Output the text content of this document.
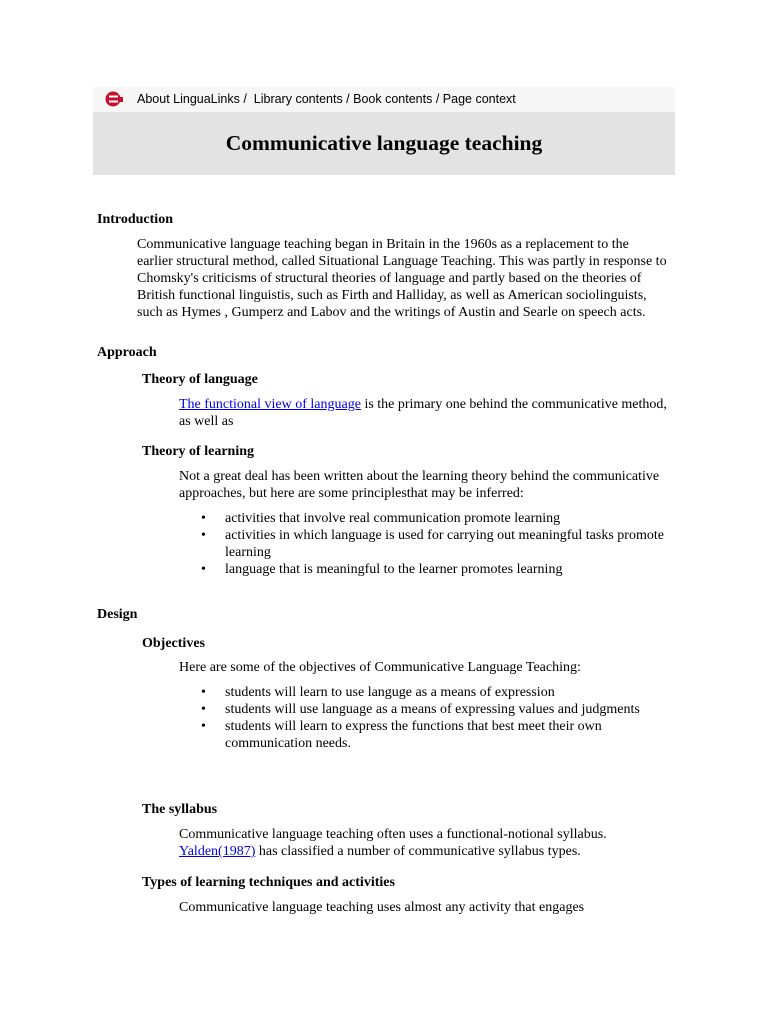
About LinguaLinks / Library contents / Book contents / Page context
Communicative language teaching
Introduction

Communicative language teaching began in Britain in the 1960s as a replacement to the earlier structural method, called Situational Language Teaching. This was partly in response to Chomsky's criticisms of structural theories of language and partly based on the theories of British functional linguistis, such as Firth and Halliday, as well as American sociolinguists, such as Hymes , Gumperz and Labov and the writings of Austin and Searle on speech acts.

Approach
Theory of language

The functional view of language is the primary one behind the communicative method, as well as

Theory of learning

Not a great deal has been written about the learning theory behind the communicative approaches, but here are some principlesthat may be inferred:

• activities that involve real communication promote learning
• activities in which language is used for carrying out meaningful tasks promote learning
• language that is meaningful to the learner promotes learning
Design
Objectives

Here are some of the objectives of Communicative Language Teaching:

• students will learn to use languge as a means of expression
• students will use language as a means of expressing values and judgments
• students will learn to express the functions that best meet their own communication needs.
The syllabus

Communicative language teaching often uses a functional-notional syllabus.
Yalden(1987) has classified a number of communicative syllabus types.

Types of learning techniques and activities

Communicative language teaching uses almost any activity that engages
